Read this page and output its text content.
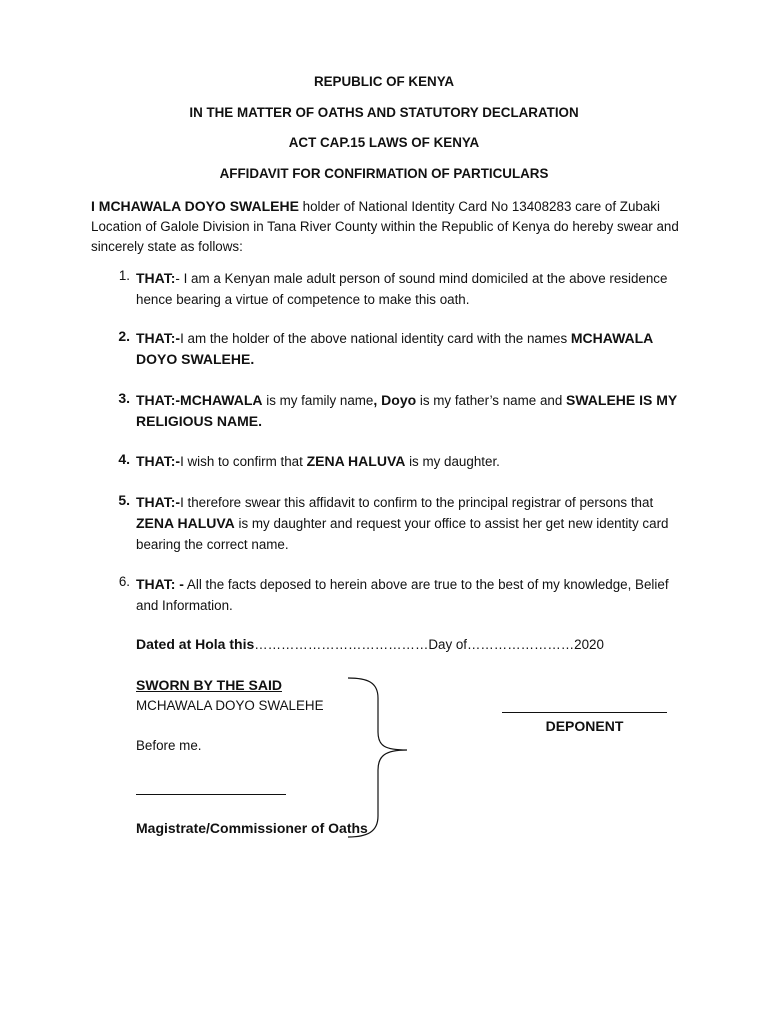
REPUBLIC OF KENYA
IN THE MATTER OF OATHS AND STATUTORY DECLARATION
ACT CAP.15 LAWS OF KENYA
AFFIDAVIT FOR CONFIRMATION OF PARTICULARS
I MCHAWALA DOYO SWALEHE holder of National Identity Card No 13408283 care of Zubaki Location of Galole Division in Tana River County within the Republic of Kenya do hereby swear and sincerely state as follows:
1. THAT:- I am a Kenyan male adult person of sound mind domiciled at the above residence hence bearing a virtue of competence to make this oath.
2. THAT:-I am the holder of the above national identity card with the names MCHAWALA DOYO SWALEHE.
3. THAT:-MCHAWALA is my family name, Doyo is my father’s name and SWALEHE IS MY RELIGIOUS NAME.
4. THAT:-I wish to confirm that ZENA HALUVA is my daughter.
5. THAT:-I therefore swear this affidavit to confirm to the principal registrar of persons that ZENA HALUVA is my daughter and request your office to assist her get new identity card bearing the correct name.
6. THAT: - All the facts deposed to herein above are true to the best of my knowledge, Belief and Information.
Dated at Hola this…………………………………Day of……………………2020
SWORN BY THE SAID
MCHAWALA DOYO SWALEHE
Before me.
Magistrate/Commissioner of Oaths
DEPONENT
